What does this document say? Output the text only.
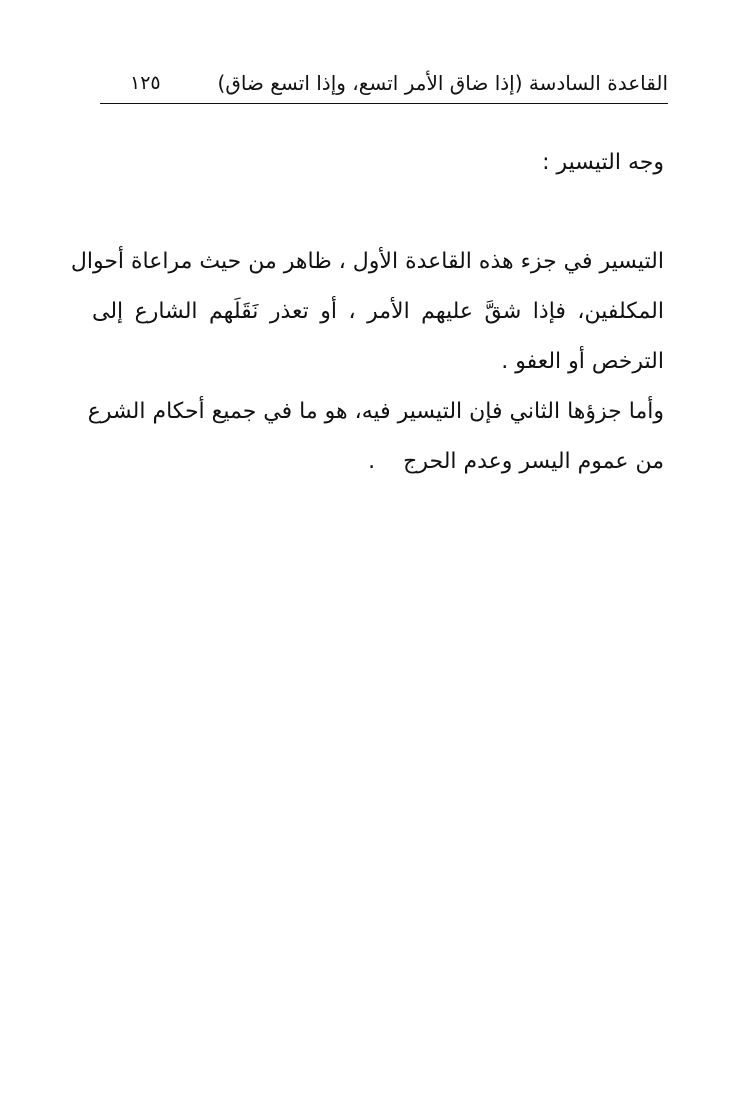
القاعدة السادسة (إذا ضاق الأمر اتسع، وإذا اتسع ضاق)
١٢٥
وجه التيسير :
التيسير في جزء هذه القاعدة الأول ، ظاهر من حيث مراعاة أحوال
المكلفين، فإذا شقَّ عليهم الأمر ، أو تعذر نَقَلَهم الشارع إلى
الترخص أو العفو .
وأما جزؤها الثاني فإن التيسير فيه، هو ما في جميع أحكام الشرع
من عموم اليسر وعدم الحرج.
